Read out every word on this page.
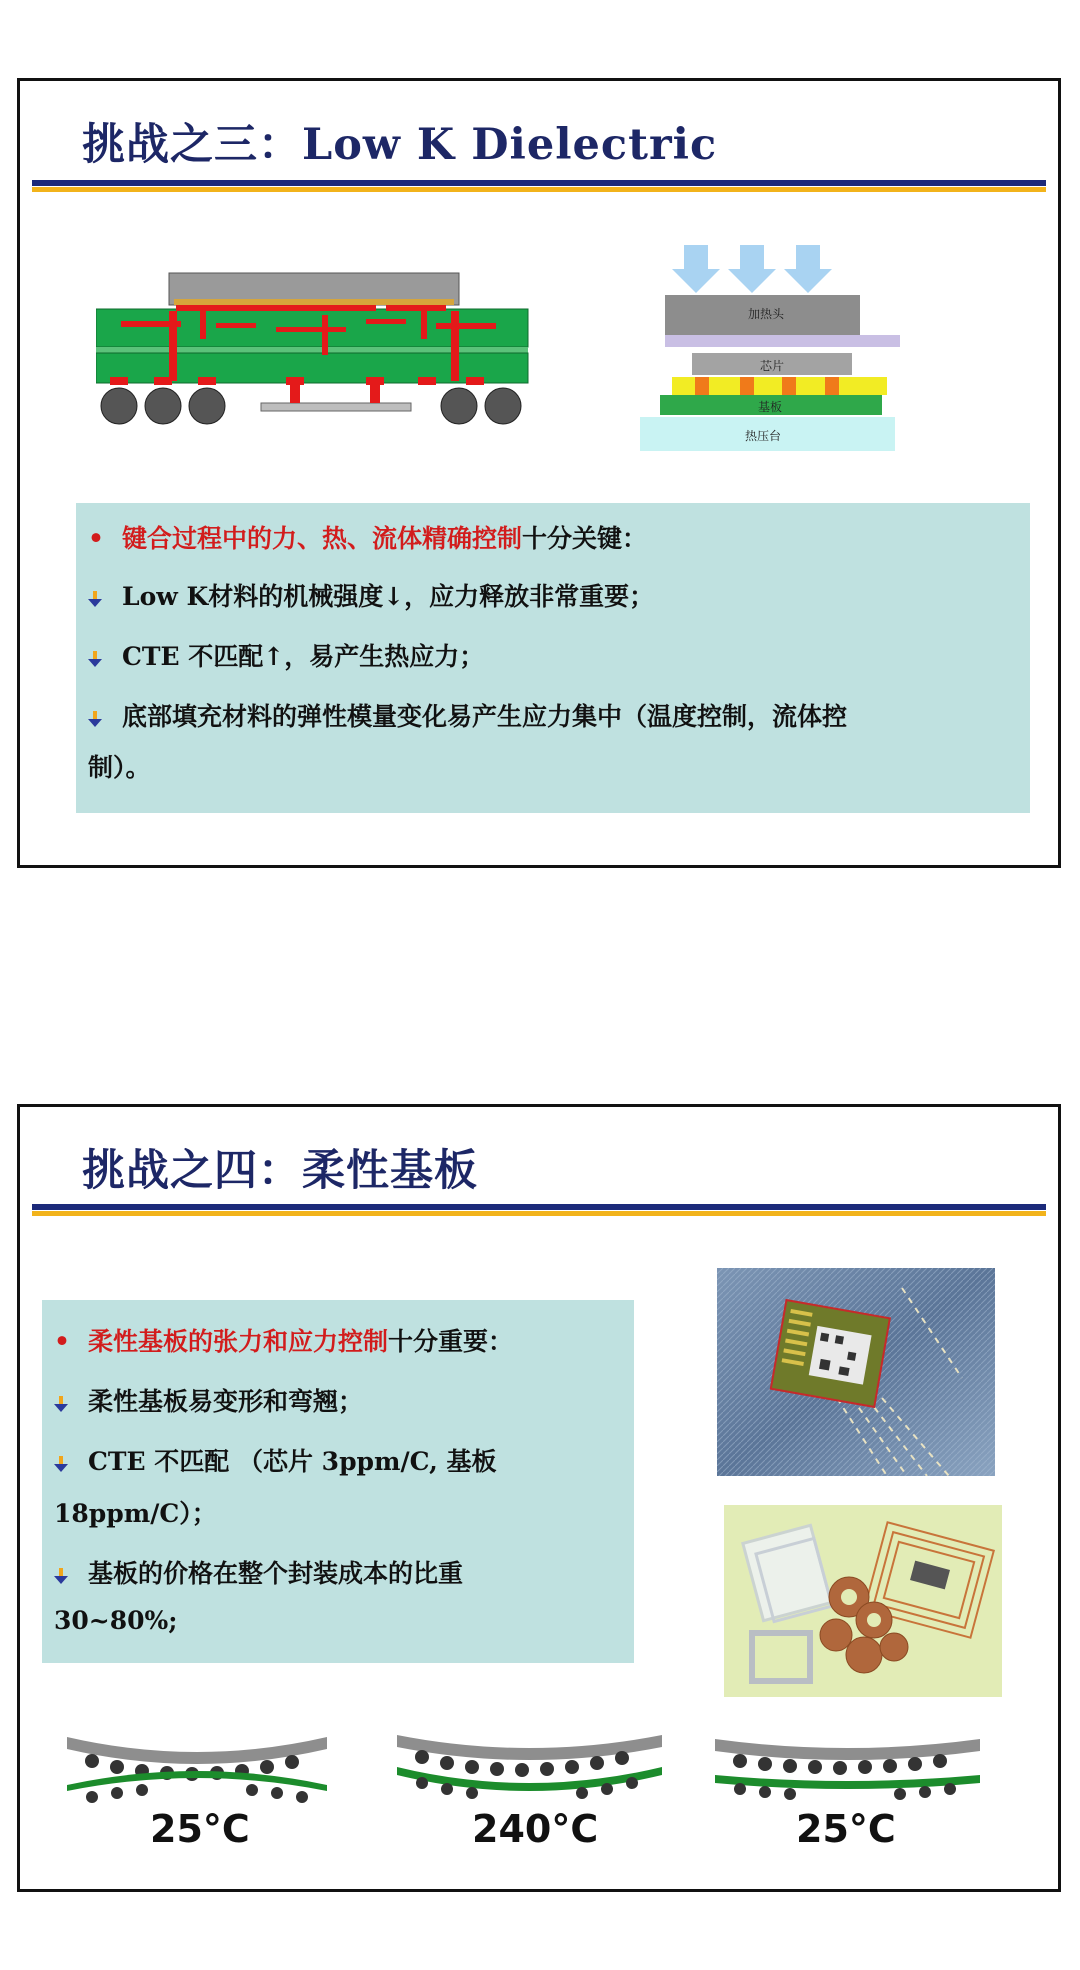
挑战之三：Low K Dielectric
加热头
芯片
基板
热压台
• 键合过程中的力、热、流体精确控制十分关键：
Low K材料的机械强度↓，应力释放非常重要；
CTE 不匹配↑，易产生热应力；
底部填充材料的弹性模量变化易产生应力集中（温度控制，流体控
制）。
挑战之四：柔性基板
• 柔性基板的张力和应力控制十分重要：
柔性基板易变形和弯翘；
CTE 不匹配 （芯片 3ppm/C, 基板
18ppm/C）；
基板的价格在整个封装成本的比重
30~80%;
25°C	240°C	25°C
